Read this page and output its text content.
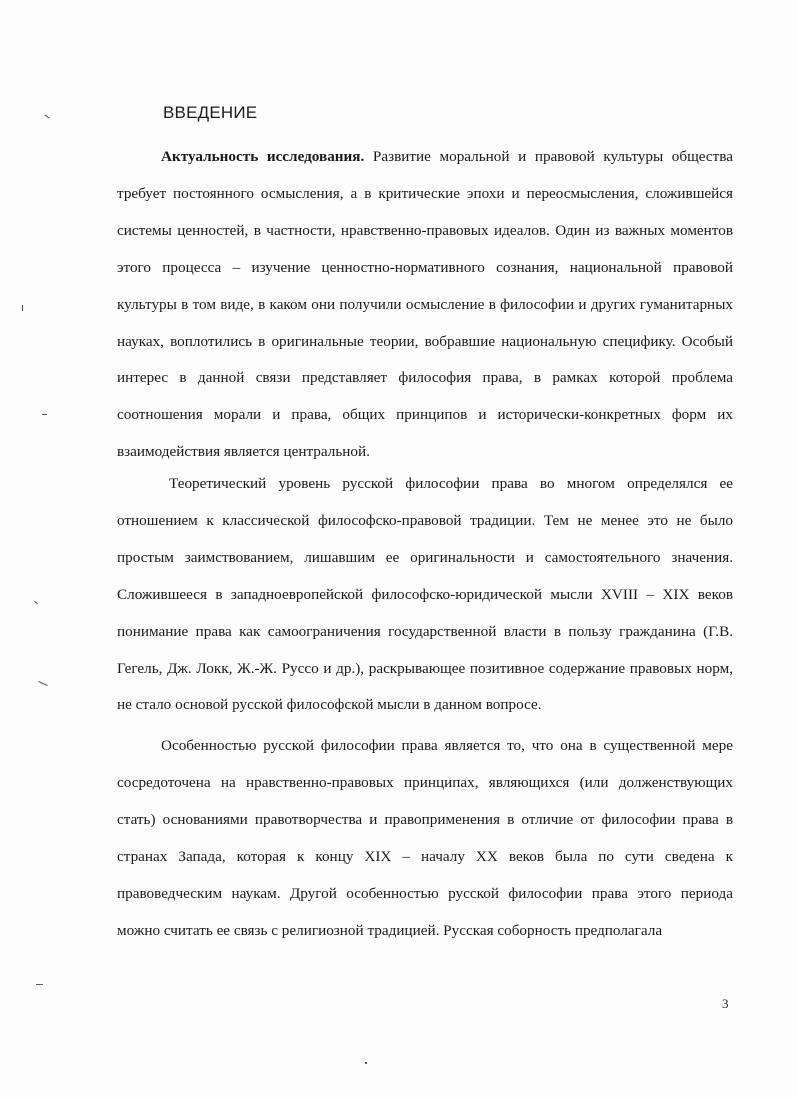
ВВЕДЕНИЕ

Актуальность исследования. Развитие моральной и правовой культуры общества требует постоянного осмысления, а в критические эпохи и переосмысления, сложившейся системы ценностей, в частности, нравственно-правовых идеалов. Один из важных моментов этого процесса – изучение ценностно-нормативного сознания, национальной правовой культуры в том виде, в каком они получили осмысление в философии и других гуманитарных науках, воплотились в оригинальные теории, вобравшие национальную специфику. Особый интерес в данной связи представляет философия права, в рамках которой проблема соотношения морали и права, общих принципов и исторически-конкретных форм их взаимодействия является центральной.

Теоретический уровень русской философии права во многом определялся ее отношением к классической философско-правовой традиции. Тем не менее это не было простым заимствованием, лишавшим ее оригинальности и самостоятельного значения. Сложившееся в западноевропейской философско-юридической мысли XVIII – XIX веков понимание права как самоограничения государственной власти в пользу гражданина (Г.В. Гегель, Дж. Локк, Ж.-Ж. Руссо и др.), раскрывающее позитивное содержание правовых норм, не стало основой русской философской мысли в данном вопросе.

Особенностью русской философии права является то, что она в существенной мере сосредоточена на нравственно-правовых принципах, являющихся (или долженствующих стать) основаниями правотворчества и правоприменения в отличие от философии права в странах Запада, которая к концу XIX – началу XX веков была по сути сведена к правоведческим наукам. Другой особенностью русской философии права этого периода можно считать ее связь с религиозной традицией. Русская соборность предполагала

3
